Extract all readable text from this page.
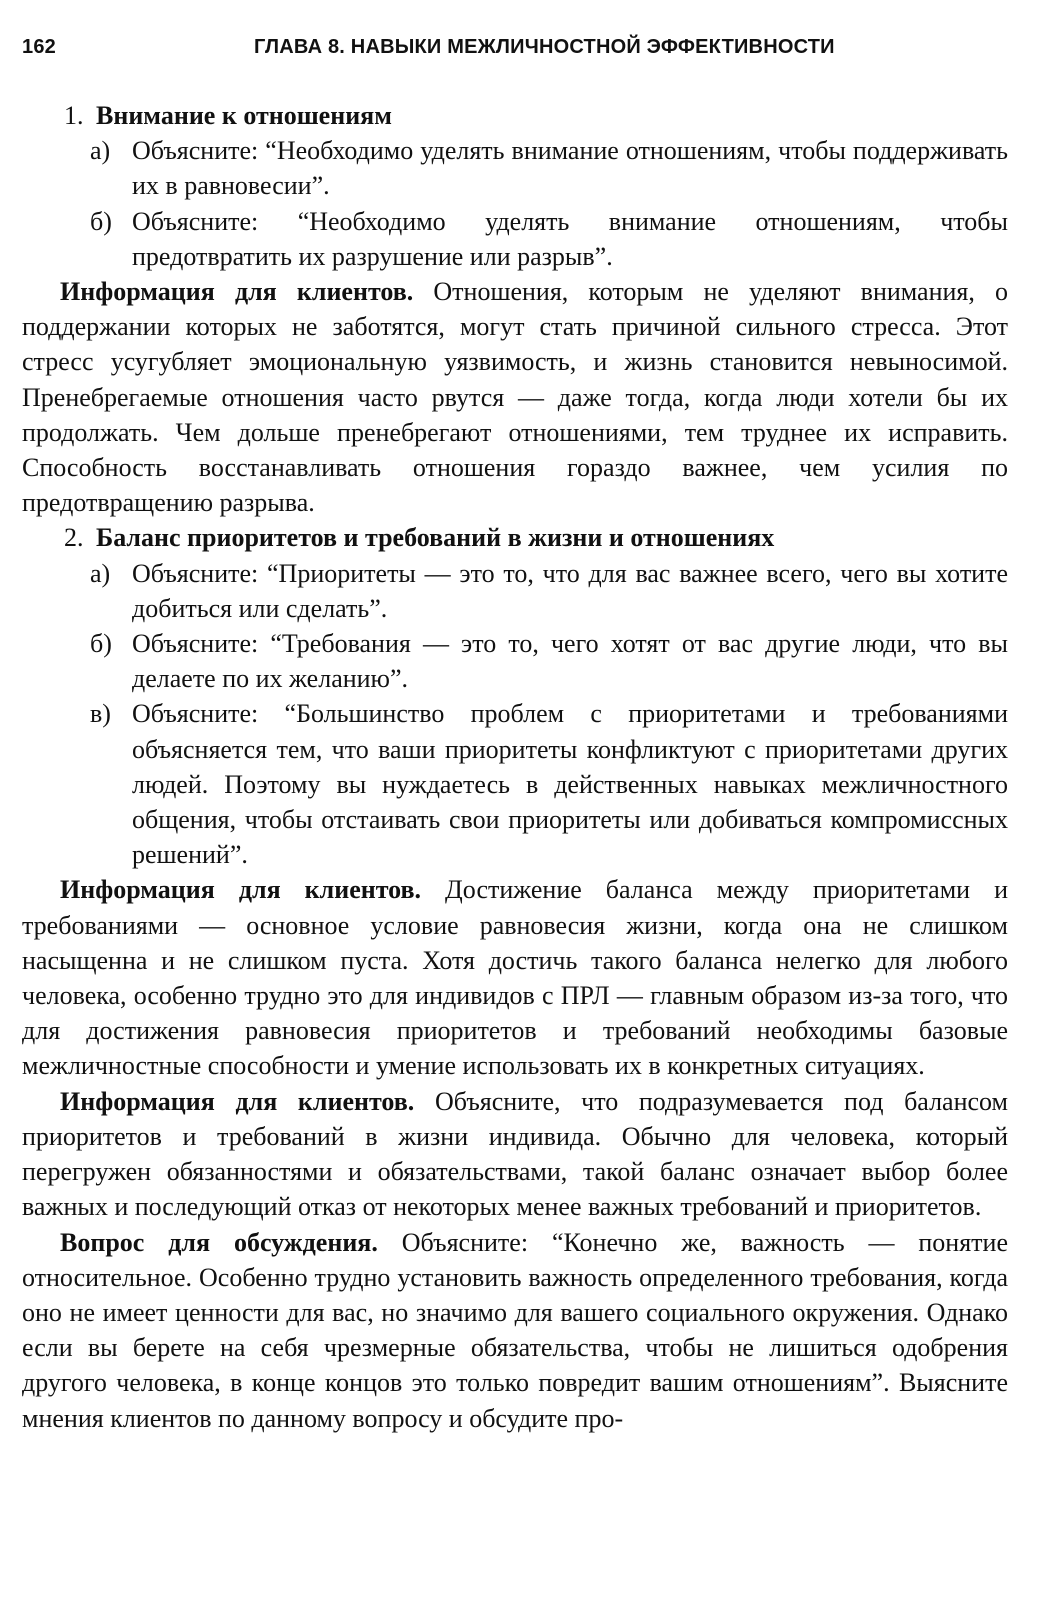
162	ГЛАВА 8. НАВЫКИ МЕЖЛИЧНОСТНОЙ ЭФФЕКТИВНОСТИ

1. Внимание к отношениям

а) Объясните: “Необходимо уделять внимание отношениям, чтобы поддерживать их в равновесии”.

б) Объясните: “Необходимо уделять внимание отношениям, чтобы предотвратить их разрушение или разрыв”.

Информация для клиентов. Отношения, которым не уделяют внимания, о поддержании которых не заботятся, могут стать причиной сильного стресса. Этот стресс усугубляет эмоциональную уязвимость, и жизнь становится невыносимой. Пренебрегаемые отношения часто рвутся — даже тогда, когда люди хотели бы их продолжать. Чем дольше пренебрегают отношениями, тем труднее их исправить. Способность восстанавливать отношения гораздо важнее, чем усилия по предотвращению разрыва.

2. Баланс приоритетов и требований в жизни и отношениях

а) Объясните: “Приоритеты — это то, что для вас важнее всего, чего вы хотите добиться или сделать”.

б) Объясните: “Требования — это то, чего хотят от вас другие люди, что вы делаете по их желанию”.

в) Объясните: “Большинство проблем с приоритетами и требованиями объясняется тем, что ваши приоритеты конфликтуют с приоритетами других людей. Поэтому вы нуждаетесь в действенных навыках межличностного общения, чтобы отстаивать свои приоритеты или добиваться компромиссных решений”.

Информация для клиентов. Достижение баланса между приоритетами и требованиями — основное условие равновесия жизни, когда она не слишком насыщенна и не слишком пуста. Хотя достичь такого баланса нелегко для любого человека, особенно трудно это для индивидов с ПРЛ — главным образом из-за того, что для достижения равновесия приоритетов и требований необходимы базовые межличностные способности и умение использовать их в конкретных ситуациях.

Информация для клиентов. Объясните, что подразумевается под балансом приоритетов и требований в жизни индивида. Обычно для человека, который перегружен обязанностями и обязательствами, такой баланс означает выбор более важных и последующий отказ от некоторых менее важных требований и приоритетов.

Вопрос для обсуждения. Объясните: “Конечно же, важность — понятие относительное. Особенно трудно установить важность определенного требования, когда оно не имеет ценности для вас, но значимо для вашего социального окружения. Однако если вы берете на себя чрезмерные обязательства, чтобы не лишиться одобрения другого человека, в конце концов это только повредит вашим отношениям”. Выясните мнения клиентов по данному вопросу и обсудите про-
